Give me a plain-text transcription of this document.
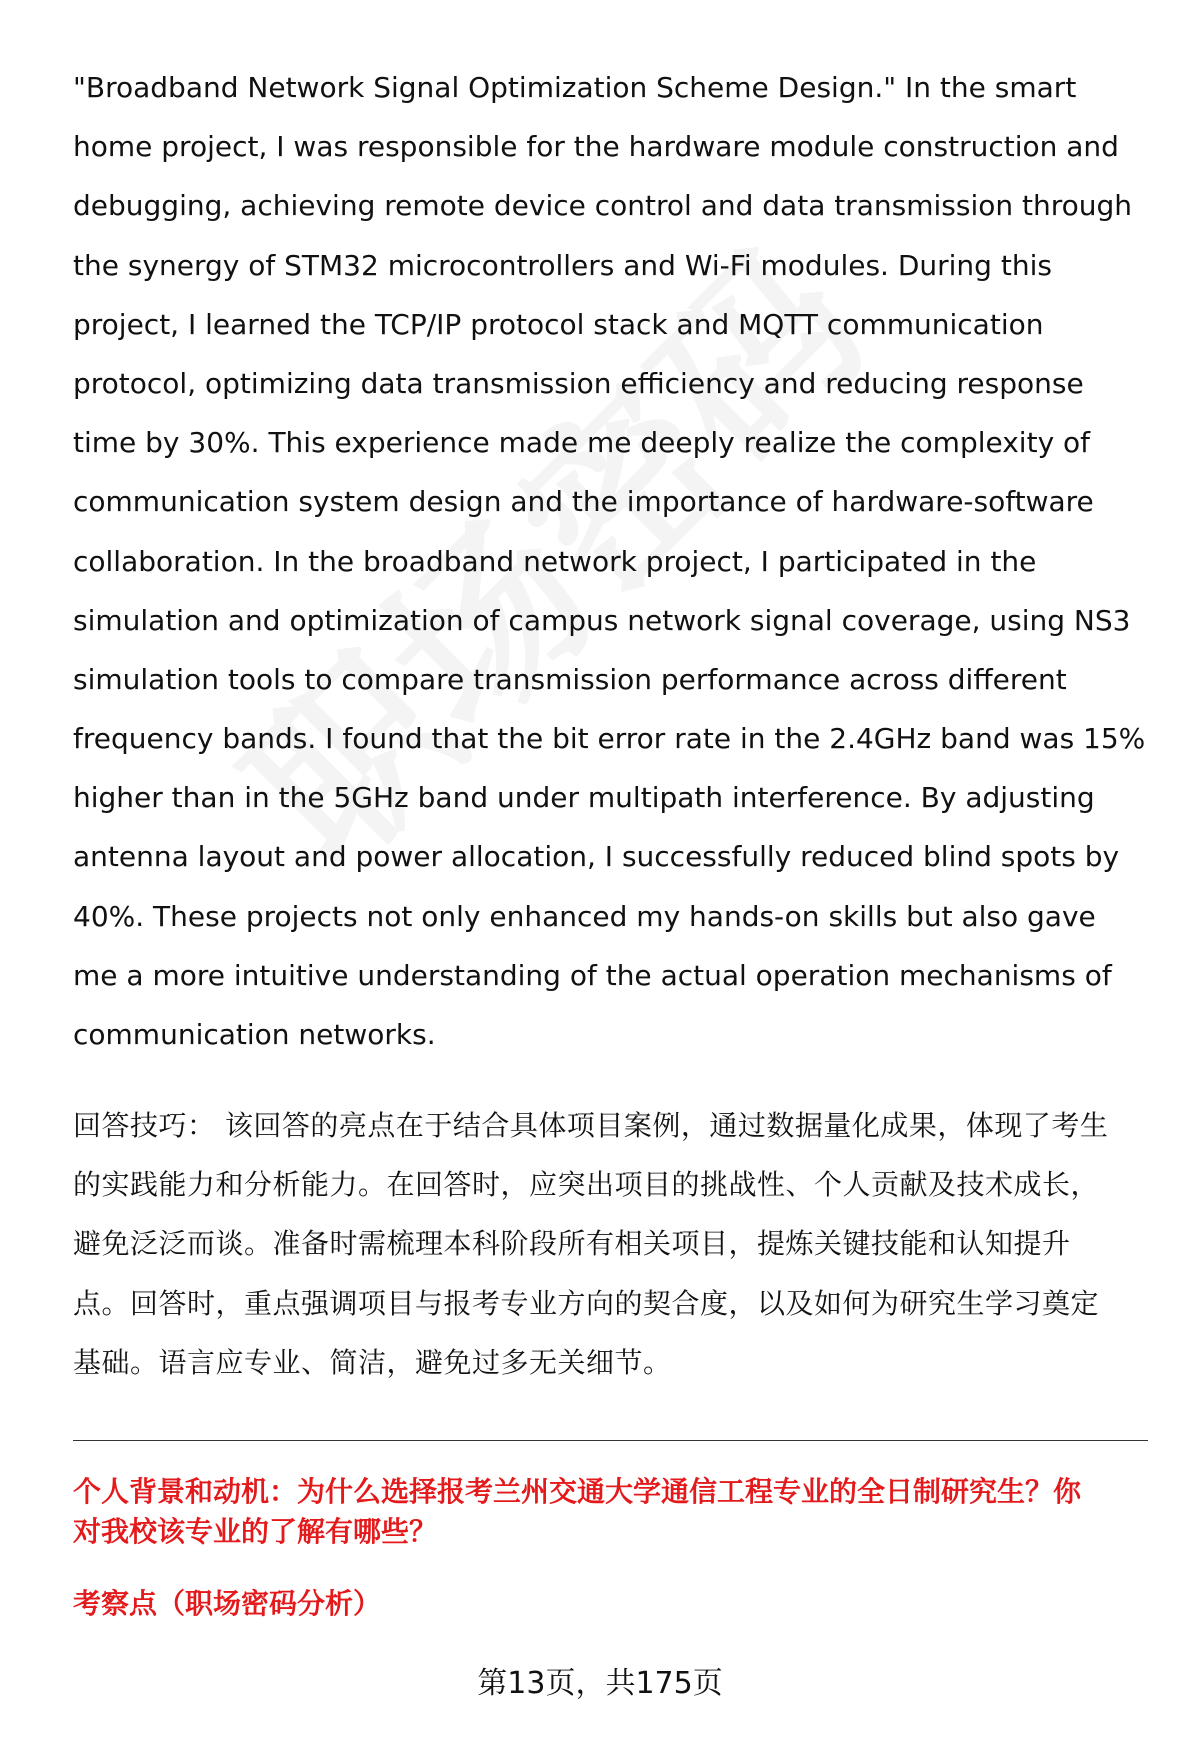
"Broadband Network Signal Optimization Scheme Design." In the smart
home project, I was responsible for the hardware module construction and
debugging, achieving remote device control and data transmission through
the synergy of STM32 microcontrollers and Wi-Fi modules. During this
project, I learned the TCP/IP protocol stack and MQTT communication
protocol, optimizing data transmission efficiency and reducing response
time by 30%. This experience made me deeply realize the complexity of
communication system design and the importance of hardware-software
collaboration. In the broadband network project, I participated in the
simulation and optimization of campus network signal coverage, using NS3
simulation tools to compare transmission performance across different
frequency bands. I found that the bit error rate in the 2.4GHz band was 15%
higher than in the 5GHz band under multipath interference. By adjusting
antenna layout and power allocation, I successfully reduced blind spots by
40%. These projects not only enhanced my hands-on skills but also gave
me a more intuitive understanding of the actual operation mechanisms of
communication networks.
回答技巧： 该回答的亮点在于结合具体项目案例，通过数据量化成果，体现了考生
的实践能力和分析能力。在回答时，应突出项目的挑战性、个人贡献及技术成长，
避免泛泛而谈。准备时需梳理本科阶段所有相关项目，提炼关键技能和认知提升
点。回答时，重点强调项目与报考专业方向的契合度，以及如何为研究生学习奠定
基础。语言应专业、简洁，避免过多无关细节。
个人背景和动机：为什么选择报考兰州交通大学通信工程专业的全日制研究生？你
对我校该专业的了解有哪些？
考察点（职场密码分析）
第13页，共175页
